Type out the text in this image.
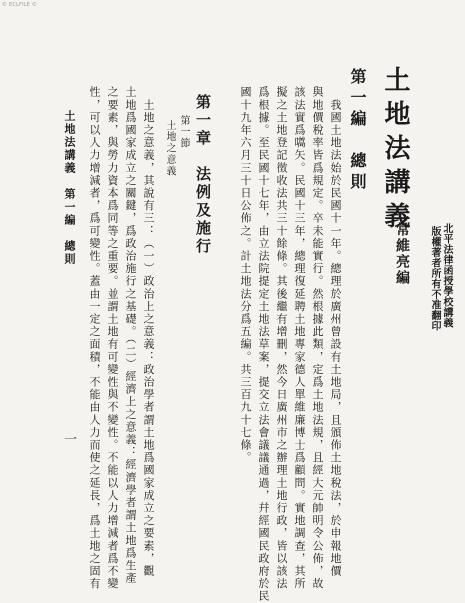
© ECLFILE ©
土地法講義
北平法律函授學校講義
版權著者所有不准翻印
常維亮編
第一編　總則
　我國土地法始於民國十一年。總理於廣州曾設有土地局，且頒佈土地稅法，於申報地價
與地價稅率皆爲規定。卒未能實行。然根據此類，定爲土地法規，且經大元帥明令公佈，故
該法實爲嚆矢。民國十三年，總理復延聘土地專家德人單維廉博士爲顧問。實地調查，其所
擬之土地登記徵收法共三十餘條。其後繼有增刪，然今日廣州市之辦理土地行政，皆以該法
爲根據。至民國十七年，由立法院提定土地法草案，提交立法會議議通過，幷經國民政府於民
國十九年六月三十日公佈之。計土地法分爲五編。共三百九十七條。
第一章　法例及施行
第一節
土地之意義
　土地之意義，其說有三：（一）政治上之意義：政治學者謂土地爲國家成立之要素，觀
土地爲國家成立之關鍵，爲政治施行之基礎。（二）經濟上之意義：經濟學者謂土地爲生產
之要素，與勞力資本爲同等之重要。並謂土地有可變性與不變性。不能以人力增減者爲不變
性，可以人力增減者，爲可變性。蓋由一定之面積，不能由人力而使之延長，爲土地之固有
土地法講義　第一編　總則
一
